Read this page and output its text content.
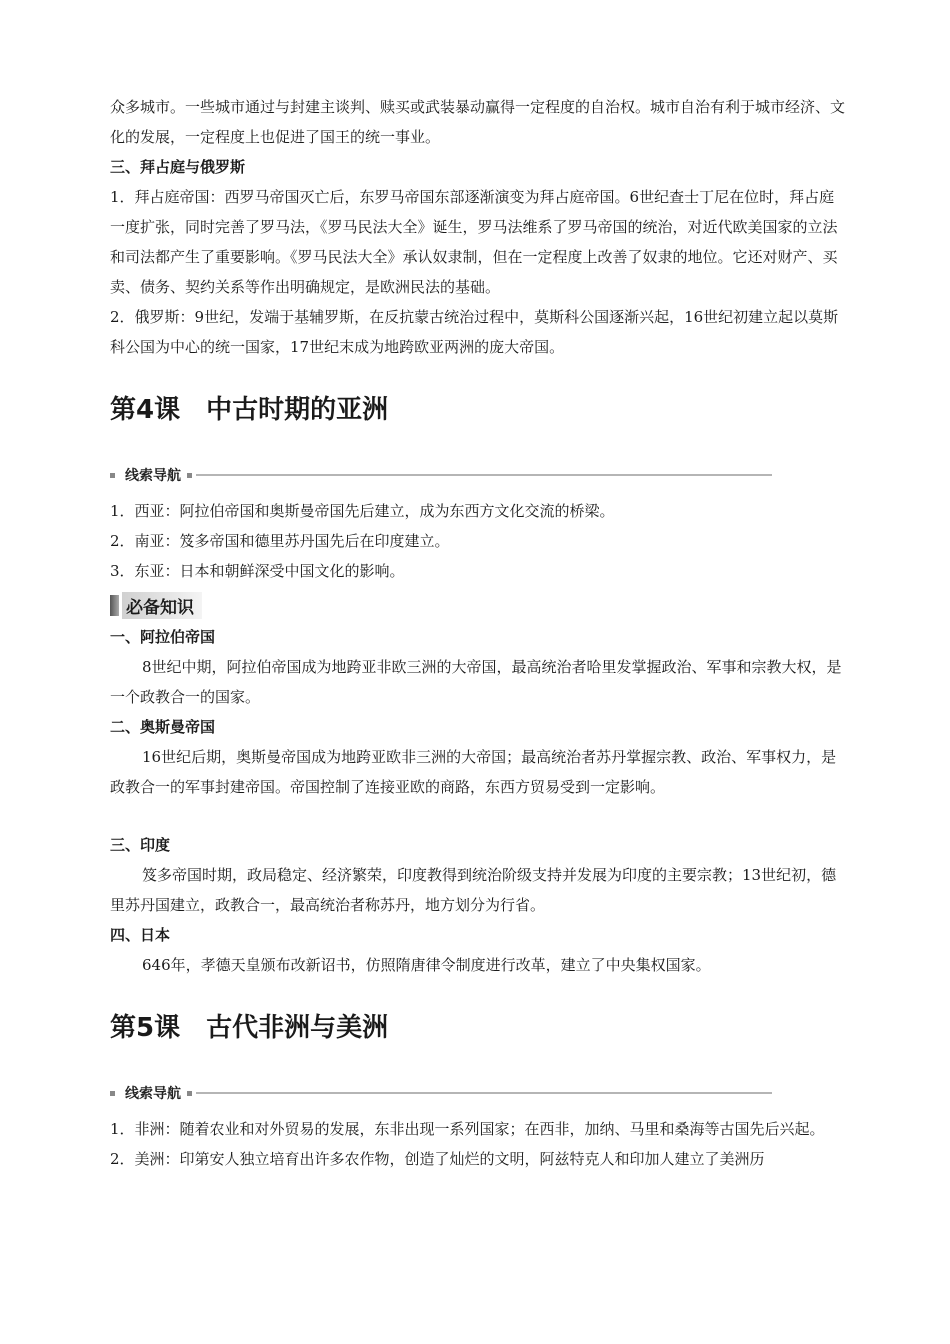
众多城市。一些城市通过与封建主谈判、赎买或武装暴动赢得一定程度的自治权。城市自治有利于城市经济、文化的发展，一定程度上也促进了国王的统一事业。

三、拜占庭与俄罗斯

1．拜占庭帝国：西罗马帝国灭亡后，东罗马帝国东部逐渐演变为拜占庭帝国。6世纪查士丁尼在位时，拜占庭一度扩张，同时完善了罗马法，《罗马民法大全》诞生，罗马法维系了罗马帝国的统治，对近代欧美国家的立法和司法都产生了重要影响。《罗马民法大全》承认奴隶制，但在一定程度上改善了奴隶的地位。它还对财产、买卖、债务、契约关系等作出明确规定，是欧洲民法的基础。

2．俄罗斯：9世纪，发端于基辅罗斯，在反抗蒙古统治过程中，莫斯科公国逐渐兴起，16世纪初建立起以莫斯科公国为中心的统一国家，17世纪末成为地跨欧亚两洲的庞大帝国。

第4课 中古时期的亚洲
线索导航

1．西亚：阿拉伯帝国和奥斯曼帝国先后建立，成为东西方文化交流的桥梁。

2．南亚：笈多帝国和德里苏丹国先后在印度建立。

3．东亚：日本和朝鲜深受中国文化的影响。

必备知识

一、阿拉伯帝国

8世纪中期，阿拉伯帝国成为地跨亚非欧三洲的大帝国，最高统治者哈里发掌握政治、军事和宗教大权，是一个政教合一的国家。

二、奥斯曼帝国

16世纪后期，奥斯曼帝国成为地跨亚欧非三洲的大帝国；最高统治者苏丹掌握宗教、政治、军事权力，是政教合一的军事封建帝国。帝国控制了连接亚欧的商路，东西方贸易受到一定影响。

三、印度

笈多帝国时期，政局稳定、经济繁荣，印度教得到统治阶级支持并发展为印度的主要宗教；13世纪初，德里苏丹国建立，政教合一，最高统治者称苏丹，地方划分为行省。

四、日本

646年，孝德天皇颁布改新诏书，仿照隋唐律令制度进行改革，建立了中央集权国家。

第5课 古代非洲与美洲
线索导航

1．非洲：随着农业和对外贸易的发展，东非出现一系列国家；在西非，加纳、马里和桑海等古国先后兴起。

2．美洲：印第安人独立培育出许多农作物，创造了灿烂的文明，阿兹特克人和印加人建立了美洲历
